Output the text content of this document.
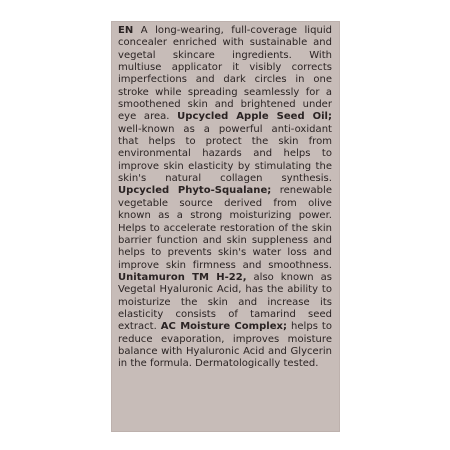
EN A long-wearing, full-coverage liquid concealer enriched with sustainable and vegetal skincare ingredients. With multiuse applicator it visibly corrects imperfections and dark circles in one stroke while spreading seamlessly for a smoothened skin and brightened under eye area. Upcycled Apple Seed Oil; well-known as a powerful anti-oxidant that helps to protect the skin from environmental hazards and helps to improve skin elasticity by stimulating the skin's natural collagen synthesis. Upcycled Phyto-Squalane; renewable vegetable source derived from olive known as a strong moisturizing power. Helps to accelerate restoration of the skin barrier function and skin suppleness and helps to prevents skin's water loss and improve skin firmness and smoothness. Unitamuron TM H-22, also known as Vegetal Hyaluronic Acid, has the ability to moisturize the skin and increase its elasticity consists of tamarind seed extract. AC Moisture Complex; helps to reduce evaporation, improves moisture balance with Hyaluronic Acid and Glycerin in the formula. Dermatologically tested.
